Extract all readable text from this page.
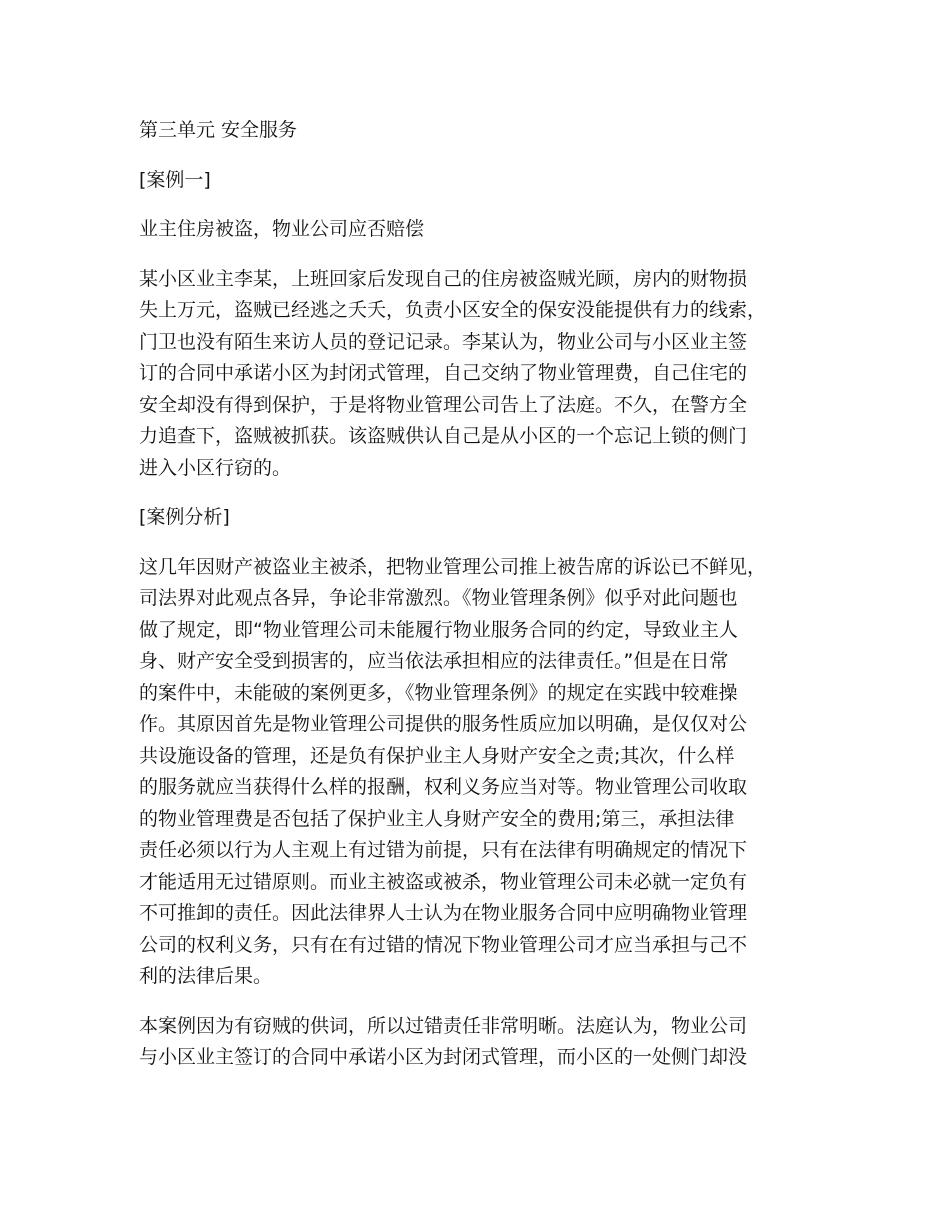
第三单元 安全服务

[案例一]

业主住房被盗，物业公司应否赔偿

某小区业主李某，上班回家后发现自己的住房被盗贼光顾，房内的财物损
失上万元，盗贼已经逃之夭夭，负责小区安全的保安没能提供有力的线索，
门卫也没有陌生来访人员的登记记录。李某认为，物业公司与小区业主签
订的合同中承诺小区为封闭式管理，自己交纳了物业管理费，自己住宅的
安全却没有得到保护，于是将物业管理公司告上了法庭。不久，在警方全
力追查下，盗贼被抓获。该盗贼供认自己是从小区的一个忘记上锁的侧门
进入小区行窃的。

[案例分析]

这几年因财产被盗业主被杀，把物业管理公司推上被告席的诉讼已不鲜见，
司法界对此观点各异，争论非常激烈。《物业管理条例》似乎对此问题也
做了规定，即“物业管理公司未能履行物业服务合同的约定，导致业主人
身、财产安全受到损害的，应当依法承担相应的法律责任。”但是在日常
的案件中，未能破的案例更多，《物业管理条例》的规定在实践中较难操
作。其原因首先是物业管理公司提供的服务性质应加以明确，是仅仅对公
共设施设备的管理，还是负有保护业主人身财产安全之责;其次，什么样
的服务就应当获得什么样的报酬，权利义务应当对等。物业管理公司收取
的物业管理费是否包括了保护业主人身财产安全的费用;第三，承担法律
责任必须以行为人主观上有过错为前提，只有在法律有明确规定的情况下
才能适用无过错原则。而业主被盗或被杀，物业管理公司未必就一定负有
不可推卸的责任。因此法律界人士认为在物业服务合同中应明确物业管理
公司的权利义务，只有在有过错的情况下物业管理公司才应当承担与己不
利的法律后果。

本案例因为有窃贼的供词，所以过错责任非常明晰。法庭认为，物业公司
与小区业主签订的合同中承诺小区为封闭式管理，而小区的一处侧门却没
